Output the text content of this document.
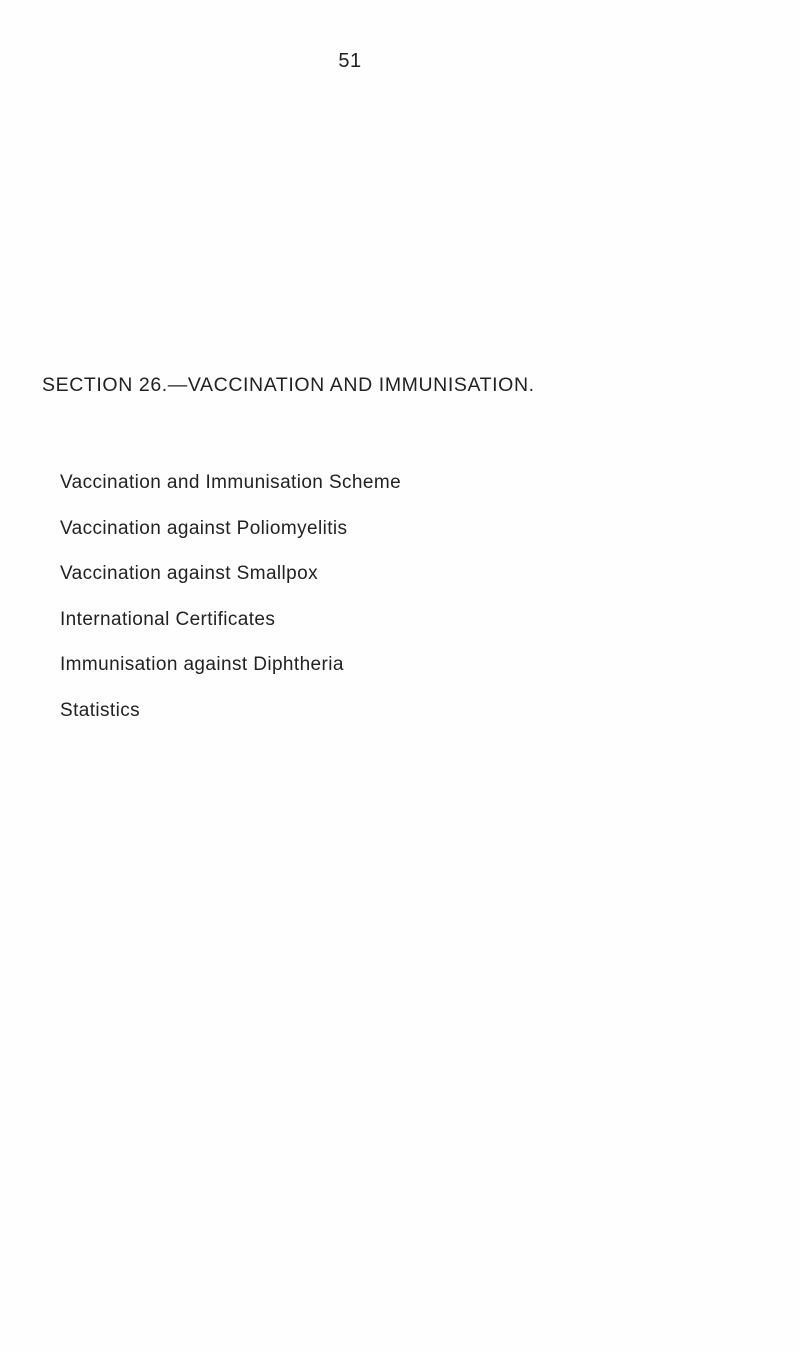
51
SECTION 26.—VACCINATION AND IMMUNISATION.
Vaccination and Immunisation Scheme
Vaccination against Poliomyelitis
Vaccination against Smallpox
International Certificates
Immunisation against Diphtheria
Statistics
